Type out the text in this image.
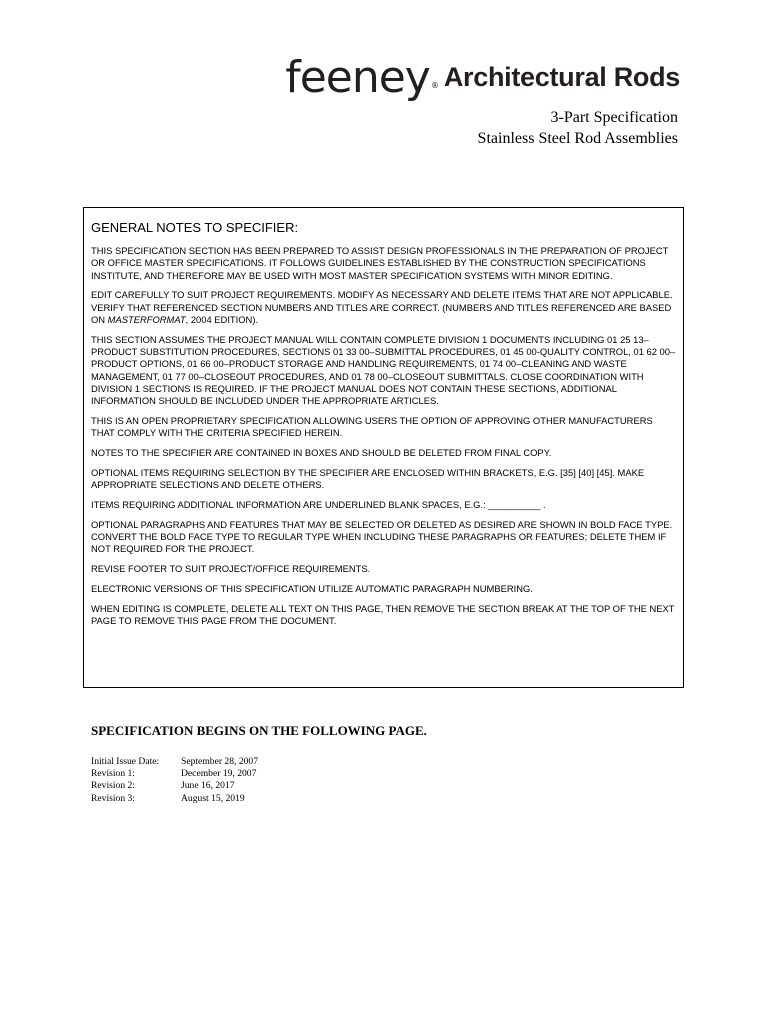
feeney ® Architectural Rods
3-Part Specification
Stainless Steel Rod Assemblies
GENERAL NOTES TO SPECIFIER:

THIS SPECIFICATION SECTION HAS BEEN PREPARED TO ASSIST DESIGN PROFESSIONALS IN THE PREPARATION OF PROJECT OR OFFICE MASTER SPECIFICATIONS. IT FOLLOWS GUIDELINES ESTABLISHED BY THE CONSTRUCTION SPECIFICATIONS INSTITUTE, AND THEREFORE MAY BE USED WITH MOST MASTER SPECIFICATION SYSTEMS WITH MINOR EDITING.

EDIT CAREFULLY TO SUIT PROJECT REQUIREMENTS. MODIFY AS NECESSARY AND DELETE ITEMS THAT ARE NOT APPLICABLE. VERIFY THAT REFERENCED SECTION NUMBERS AND TITLES ARE CORRECT. (NUMBERS AND TITLES REFERENCED ARE BASED ON MASTERFORMAT, 2004 EDITION).

THIS SECTION ASSUMES THE PROJECT MANUAL WILL CONTAIN COMPLETE DIVISION 1 DOCUMENTS INCLUDING 01 25 13–PRODUCT SUBSTITUTION PROCEDURES, SECTIONS 01 33 00–SUBMITTAL PROCEDURES, 01 45 00-QUALITY CONTROL, 01 62 00–PRODUCT OPTIONS, 01 66 00–PRODUCT STORAGE AND HANDLING REQUIREMENTS, 01 74 00–CLEANING AND WASTE MANAGEMENT, 01 77 00–CLOSEOUT PROCEDURES, AND 01 78 00–CLOSEOUT SUBMITTALS. CLOSE COORDINATION WITH DIVISION 1 SECTIONS IS REQUIRED. IF THE PROJECT MANUAL DOES NOT CONTAIN THESE SECTIONS, ADDITIONAL INFORMATION SHOULD BE INCLUDED UNDER THE APPROPRIATE ARTICLES.

THIS IS AN OPEN PROPRIETARY SPECIFICATION ALLOWING USERS THE OPTION OF APPROVING OTHER MANUFACTURERS THAT COMPLY WITH THE CRITERIA SPECIFIED HEREIN.

NOTES TO THE SPECIFIER ARE CONTAINED IN BOXES AND SHOULD BE DELETED FROM FINAL COPY.

OPTIONAL ITEMS REQUIRING SELECTION BY THE SPECIFIER ARE ENCLOSED WITHIN BRACKETS, E.G. [35] [40] [45]. MAKE APPROPRIATE SELECTIONS AND DELETE OTHERS.

ITEMS REQUIRING ADDITIONAL INFORMATION ARE UNDERLINED BLANK SPACES, E.G.: __________ .

OPTIONAL PARAGRAPHS AND FEATURES THAT MAY BE SELECTED OR DELETED AS DESIRED ARE SHOWN IN BOLD FACE TYPE. CONVERT THE BOLD FACE TYPE TO REGULAR TYPE WHEN INCLUDING THESE PARAGRAPHS OR FEATURES; DELETE THEM IF NOT REQUIRED FOR THE PROJECT.

REVISE FOOTER TO SUIT PROJECT/OFFICE REQUIREMENTS.

ELECTRONIC VERSIONS OF THIS SPECIFICATION UTILIZE AUTOMATIC PARAGRAPH NUMBERING.

WHEN EDITING IS COMPLETE, DELETE ALL TEXT ON THIS PAGE, THEN REMOVE THE SECTION BREAK AT THE TOP OF THE NEXT PAGE TO REMOVE THIS PAGE FROM THE DOCUMENT.

SPECIFICATION BEGINS ON THE FOLLOWING PAGE.
Initial Issue Date:	September 28, 2007
Revision 1:	December 19, 2007
Revision 2:	June 16, 2017
Revision 3:	August 15, 2019
